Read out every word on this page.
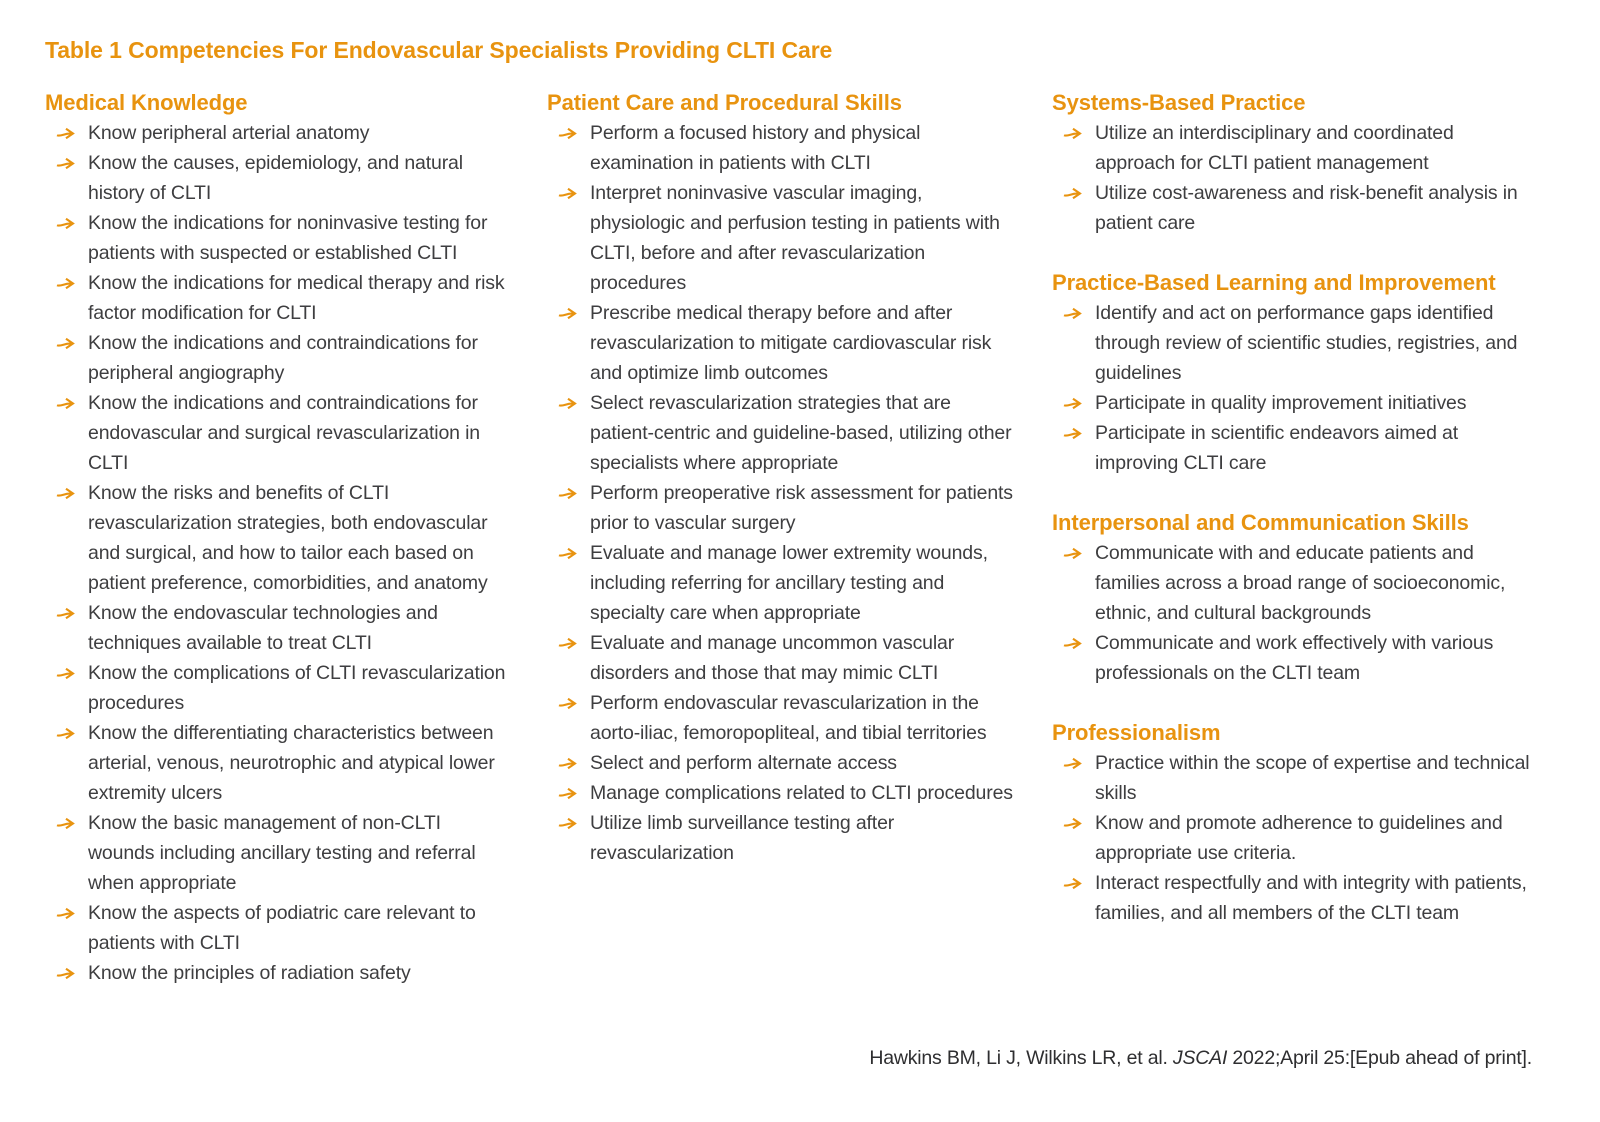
Table 1 Competencies For Endovascular Specialists Providing CLTI Care
Medical Knowledge
Know peripheral arterial anatomy
Know the causes, epidemiology, and natural history of CLTI
Know the indications for noninvasive testing for patients with suspected or established CLTI
Know the indications for medical therapy and risk factor modification for CLTI
Know the indications and contraindications for peripheral angiography
Know the indications and contraindications for endovascular and surgical revascularization in CLTI
Know the risks and benefits of CLTI revascularization strategies, both endovascular and surgical, and how to tailor each based on patient preference, comorbidities, and anatomy
Know the endovascular technologies and techniques available to treat CLTI
Know the complications of CLTI revascularization procedures
Know the differentiating characteristics between arterial, venous, neurotrophic and atypical lower extremity ulcers
Know the basic management of non-CLTI wounds including ancillary testing and referral when appropriate
Know the aspects of podiatric care relevant to patients with CLTI
Know the principles of radiation safety
Patient Care and Procedural Skills
Perform a focused history and physical examination in patients with CLTI
Interpret noninvasive vascular imaging, physiologic and perfusion testing in patients with CLTI, before and after revascularization procedures
Prescribe medical therapy before and after revascularization to mitigate cardiovascular risk and optimize limb outcomes
Select revascularization strategies that are patient-centric and guideline-based, utilizing other specialists where appropriate
Perform preoperative risk assessment for patients prior to vascular surgery
Evaluate and manage lower extremity wounds, including referring for ancillary testing and specialty care when appropriate
Evaluate and manage uncommon vascular disorders and those that may mimic CLTI
Perform endovascular revascularization in the aorto-iliac, femoropopliteal, and tibial territories
Select and perform alternate access
Manage complications related to CLTI procedures
Utilize limb surveillance testing after revascularization
Systems-Based Practice
Utilize an interdisciplinary and coordinated approach for CLTI patient management
Utilize cost-awareness and risk-benefit analysis in patient care
Practice-Based Learning and Improvement
Identify and act on performance gaps identified through review of scientific studies, registries, and guidelines
Participate in quality improvement initiatives
Participate in scientific endeavors aimed at improving CLTI care
Interpersonal and Communication Skills
Communicate with and educate patients and families across a broad range of socioeconomic, ethnic, and cultural backgrounds
Communicate and work effectively with various professionals on the CLTI team
Professionalism
Practice within the scope of expertise and technical skills
Know and promote adherence to guidelines and appropriate use criteria.
Interact respectfully and with integrity with patients, families, and all members of the CLTI team
Hawkins BM, Li J, Wilkins LR, et al. JSCAI 2022;April 25:[Epub ahead of print].
